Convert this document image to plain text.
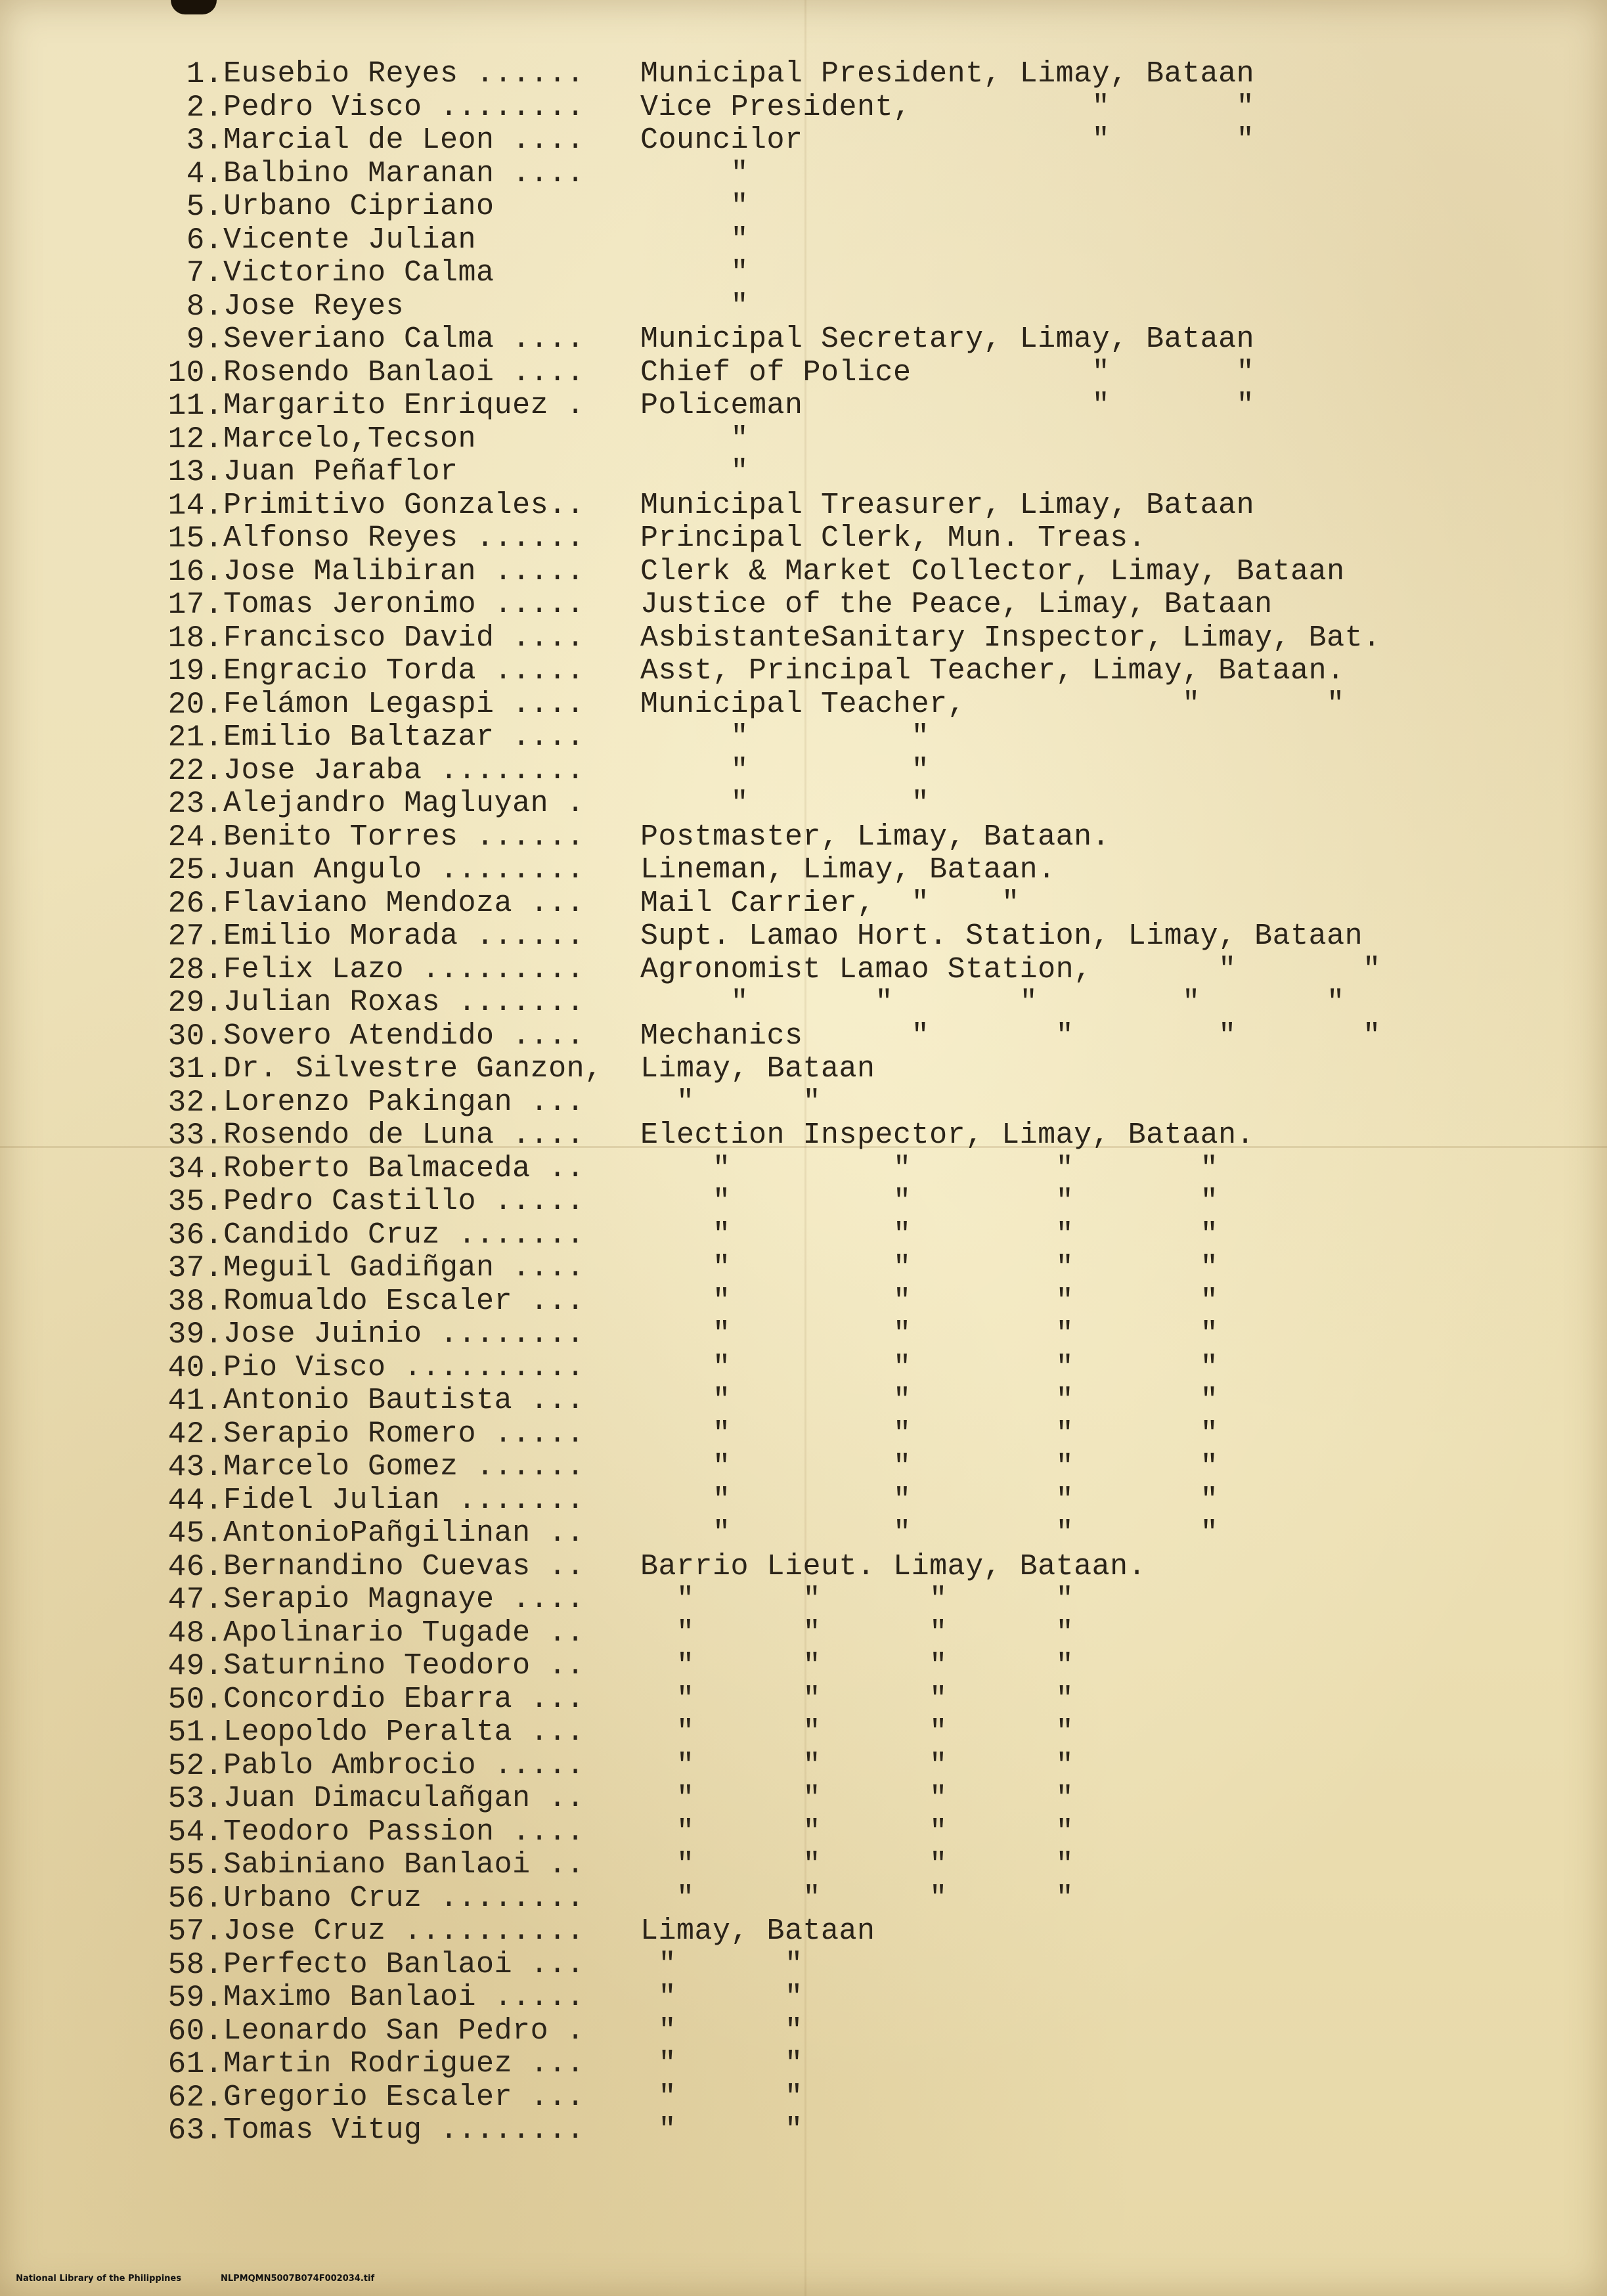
1. Eusebio Reyes ...... Municipal President, Limay, Bataan
2. Pedro Visco ........ Vice President,          "       "
3. Marcial de Leon .... Councilor                "       "
4. Balbino Maranan .... "
5. Urbano Cipriano	"
6. Vicente Julian	"
7. Victorino Calma	"
8. Jose Reyes	"
9. Severiano Calma .... Municipal Secretary, Limay, Bataan
10. Rosendo Banlaoi .... Chief of Police          "       "
11. Margarito Enriquez . Policeman                "       "
12. Marcelo,Tecson	"
13. Juan Peñaflor	"
14. Primitivo Gonzales.. Municipal Treasurer, Limay, Bataan
15. Alfonso Reyes ...... Principal Clerk, Mun. Treas.
16. Jose Malibiran ..... Clerk & Market Collector, Limay, Bataan
17. Tomas Jeronimo ..... Justice of the Peace, Limay, Bataan
18. Francisco David .... AsbistanteSanitary Inspector, Limay, Bat.
19. Engracio Torda ..... Asst, Principal Teacher, Limay, Bataan.
20. Felámon Legaspi .... Municipal Teacher,            "       "
21. Emilio Baltazar .... "         "
22. Jose Jaraba ........ "         "
23. Alejandro Magluyan . "         "
24. Benito Torres ...... Postmaster, Limay, Bataan.
25. Juan Angulo ........ Lineman, Limay, Bataan.
26. Flaviano Mendoza ... Mail Carrier,  "    "
27. Emilio Morada ...... Supt. Lamao Hort. Station, Limay, Bataan
28. Felix Lazo ......... Agronomist Lamao Station,       "       "
29. Julian Roxas ....... "       "       "        "       "
30. Sovero Atendido .... Mechanics      "       "        "       "
31. Dr. Silvestre Ganzon, Limay, Bataan
32. Lorenzo Pakingan ... "      "
33. Rosendo de Luna .... Election Inspector, Limay, Bataan.
34. Roberto Balmaceda .. "         "        "       "
35. Pedro Castillo ..... "         "        "       "
36. Candido Cruz ....... "         "        "       "
37. Meguil Gadiñgan .... "         "        "       "
38. Romualdo Escaler ... "         "        "       "
39. Jose Juinio ........ "         "        "       "
40. Pio Visco .......... "         "        "       "
41. Antonio Bautista ... "         "        "       "
42. Serapio Romero ..... "         "        "       "
43. Marcelo Gomez ...... "         "        "       "
44. Fidel Julian ....... "         "        "       "
45. AntonioPañgilinan .. "         "        "       "
46. Bernandino Cuevas .. Barrio Lieut. Limay, Bataan.
47. Serapio Magnaye .... "      "      "      "
48. Apolinario Tugade .. "      "      "      "
49. Saturnino Teodoro .. "      "      "      "
50. Concordio Ebarra ... "      "      "      "
51. Leopoldo Peralta ... "      "      "      "
52. Pablo Ambrocio ..... "      "      "      "
53. Juan Dimaculañgan .. "      "      "      "
54. Teodoro Passion .... "      "      "      "
55. Sabiniano Banlaoi .. "      "      "      "
56. Urbano Cruz ........ "      "      "      "
57. Jose Cruz .......... Limay, Bataan
58. Perfecto Banlaoi ... "      "
59. Maximo Banlaoi ..... "      "
60. Leonardo San Pedro . "      "
61. Martin Rodriguez ... "      "
62. Gregorio Escaler ... "      "
63. Tomas Vitug ........ "      "

National Library of the Philippines	NLPMQMN5007B074F002034.tif
